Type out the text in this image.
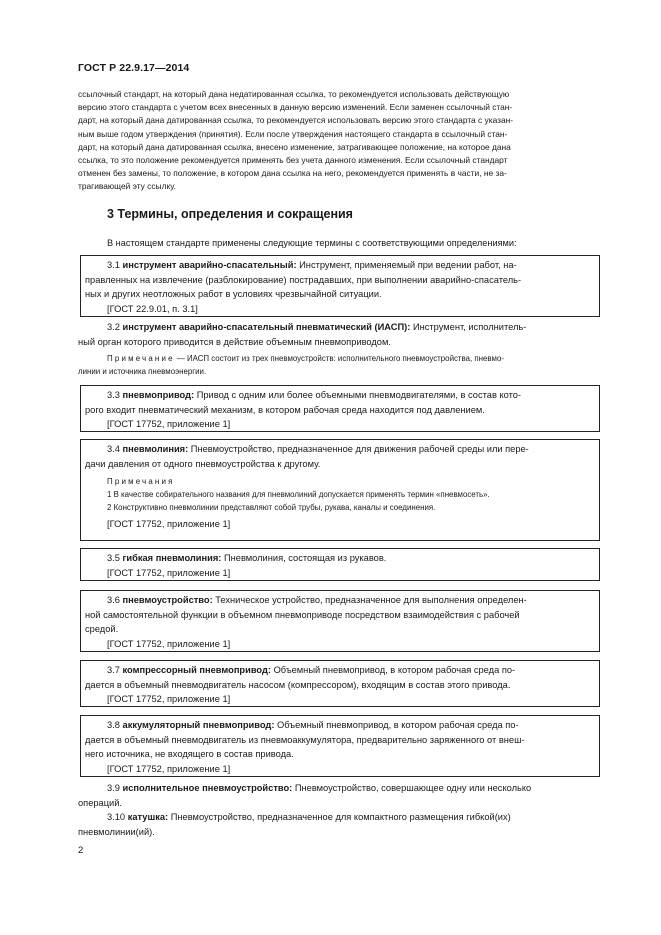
ГОСТ Р 22.9.17—2014

ссылочный стандарт, на который дана недатированная ссылка, то рекомендуется использовать действующую

версию этого стандарта с учетом всех внесенных в данную версию изменений. Если заменен ссылочный стан-

дарт, на который дана датированная ссылка, то рекомендуется использовать версию этого стандарта с указан-

ным выше годом утверждения (принятия). Если после утверждения настоящего стандарта в ссылочный стан-

дарт, на который дана датированная ссылка, внесено изменение, затрагивающее положение, на которое дана

ссылка, то это положение рекомендуется применять без учета данного изменения. Если ссылочный стандарт

отменен без замены, то положение, в котором дана ссылка на него, рекомендуется применять в части, не за-

трагивающей эту ссылку.

3 Термины, определения и сокращения
В настоящем стандарте применены следующие термины с соответствующими определениями:

3.1 инструмент аварийно-спасательный: Инструмент, применяемый при ведении работ, на-

правленных на извлечение (разблокирование) пострадавших, при выполнении аварийно-спасатель-

ных и других неотложных работ в условиях чрезвычайной ситуации.

[ГОСТ 22.9.01, п. 3.1]

3.2 инструмент аварийно-спасательный пневматический (ИАСП): Инструмент, исполнитель-

ный орган которого приводится в действие объемным пневмоприводом.

Примечание — ИАСП состоит из трех пневмоустройств: исполнительного пневмоустройства, пневмо-

линии и источника пневмоэнергии.

3.3 пневмопривод: Привод с одним или более объемными пневмодвигателями, в состав кото-

рого входит пневматический механизм, в котором рабочая среда находится под давлением.

[ГОСТ 17752, приложение 1]

3.4 пневмолиния: Пневмоустройство, предназначенное для движения рабочей среды или пере-

дачи давления от одного пневмоустройства к другому.

Примечания

1 В качестве собирательного названия для пневмолиний допускается применять термин «пневмосеть».

2 Конструктивно пневмолинии представляют собой трубы, рукава, каналы и соединения.

[ГОСТ 17752, приложение 1]

3.5 гибкая пневмолиния: Пневмолиния, состоящая из рукавов.

[ГОСТ 17752, приложение 1]

3.6 пневмоустройство: Техническое устройство, предназначенное для выполнения определен-

ной самостоятельной функции в объемном пневмоприводе посредством взаимодействия с рабочей

средой.

[ГОСТ 17752, приложение 1]

3.7 компрессорный пневмопривод: Объемный пневмопривод, в котором рабочая среда по-

дается в объемный пневмодвигатель насосом (компрессором), входящим в состав этого привода.

[ГОСТ 17752, приложение 1]

3.8 аккумуляторный пневмопривод: Объемный пневмопривод, в котором рабочая среда по-

дается в объемный пневмодвигатель из пневмоаккумулятора, предварительно заряженного от внеш-

него источника, не входящего в состав привода.

[ГОСТ 17752, приложение 1]

3.9 исполнительное пневмоустройство: Пневмоустройство, совершающее одну или несколько

операций.

3.10 катушка: Пневмоустройство, предназначенное для компактного размещения гибкой(их)

пневмолинии(ий).

2
